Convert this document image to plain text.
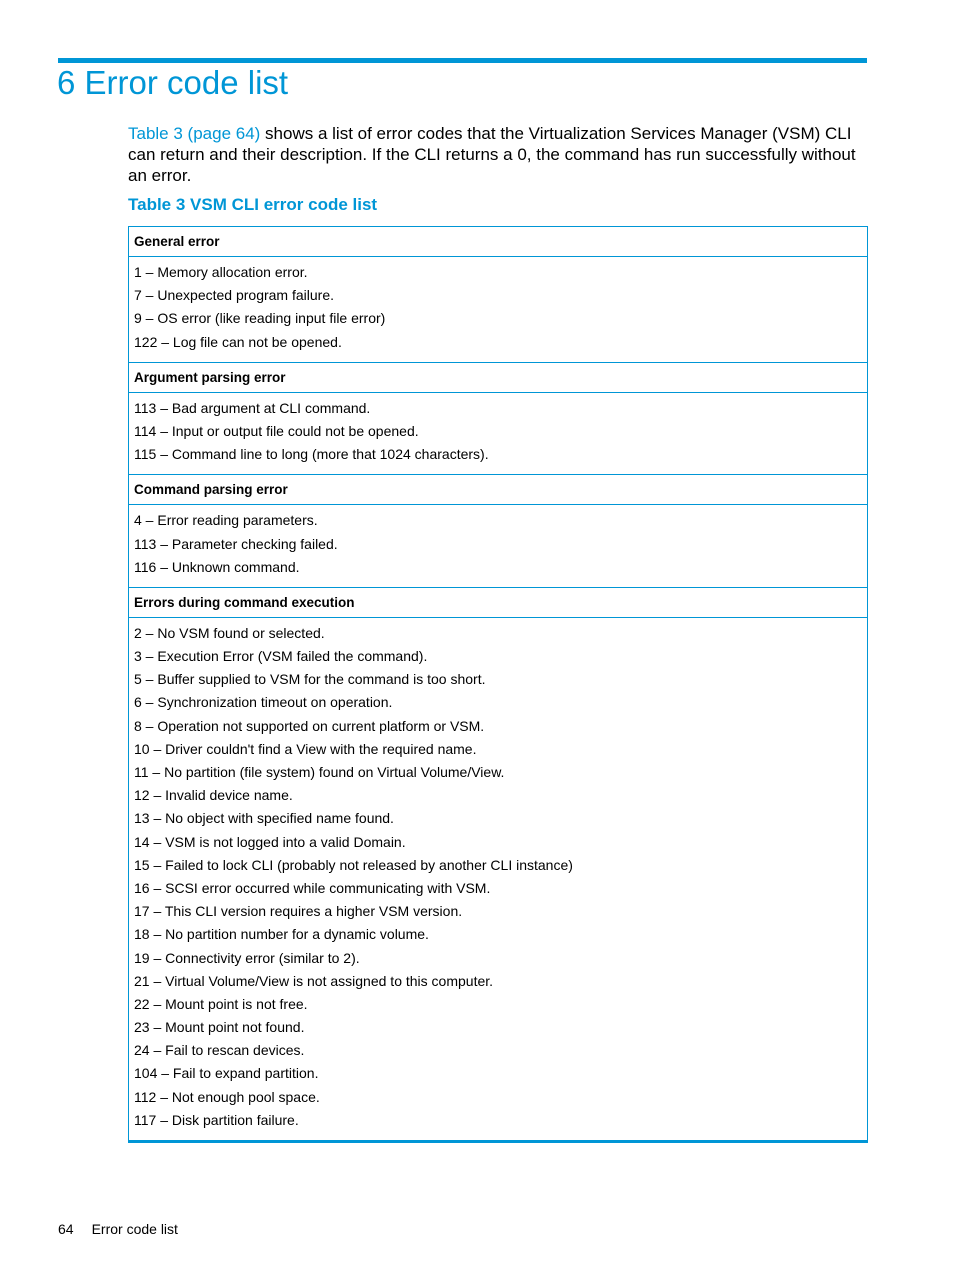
6 Error code list

Table 3 (page 64) shows a list of error codes that the Virtualization Services Manager (VSM) CLI can return and their description. If the CLI returns a 0, the command has run successfully without an error.

Table 3 VSM CLI error code list
General error

1 – Memory allocation error.
7 – Unexpected program failure.
9 – OS error (like reading input file error)
122 – Log file can not be opened.

Argument parsing error

113 – Bad argument at CLI command.
114 – Input or output file could not be opened.
115 – Command line to long (more that 1024 characters).

Command parsing error

4 – Error reading parameters.
113 – Parameter checking failed.
116 – Unknown command.

Errors during command execution

2 – No VSM found or selected.
3 – Execution Error (VSM failed the command).
5 – Buffer supplied to VSM for the command is too short.
6 – Synchronization timeout on operation.
8 – Operation not supported on current platform or VSM.
10 – Driver couldn't find a View with the required name.
11 – No partition (file system) found on Virtual Volume/View.
12 – Invalid device name.
13 – No object with specified name found.
14 – VSM is not logged into a valid Domain.
15 – Failed to lock CLI (probably not released by another CLI instance)
16 – SCSI error occurred while communicating with VSM.
17 – This CLI version requires a higher VSM version.
18 – No partition number for a dynamic volume.
19 – Connectivity error (similar to 2).
21 – Virtual Volume/View is not assigned to this computer.
22 – Mount point is not free.
23 – Mount point not found.
24 – Fail to rescan devices.
104 – Fail to expand partition.
112 – Not enough pool space.
117 – Disk partition failure.
64 Error code list
